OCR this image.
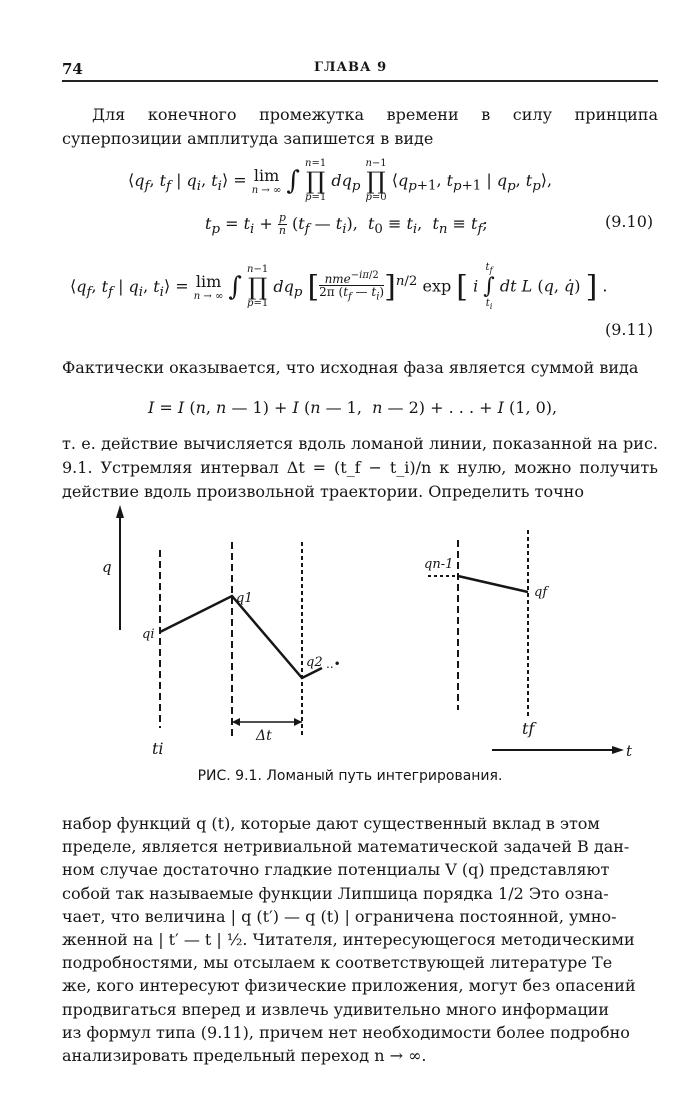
74	ГЛАВА 9
Для конечного промежутка времени в силу принципа суперпозиции амплитуда запишется в виде
$⟨q_f$, $t_f$ | $q_i$, $t_i⟩ = \lim$
n → ∞ ∫
n=1
∏
p=1
$dq_p$
n−1
∏
p=0
$⟨q_{p+1}$, $t_{p+1}$ | $q_p$, $t_p⟩$,
$t_p = t_i + \frac{p}{n} (t_f$ — $t_i$),  $t_0 \equiv t_i$,  $t_n \equiv t_f$;	(9.10)
$⟨q_f$, $t_f$ | $q_i$, $t_i⟩ = \lim$
n → ∞ ∫
n−1
∏
p=1
$dq_p$ [ $\frac{nme^{-i\pi/2}}{2\pi (t_f — t_i)} ]^{n/2}$ exp [ i
$t_f$
∫
$t_i$
dt L (q, q̇) ] .
(9.11)
Фактически оказывается, что исходная фаза является суммой вида
I = I (n, n — 1) + I (n — 1,  n — 2) + . . . + I (1, 0),
т. е. действие вычисляется вдоль ломаной линии, показанной на рис. 9.1. Устремляя интервал Δt = (t_f − t_i)/n к нулю, можно получить действие вдоль произвольной траектории. Определить точно
q
..•
qi
q1
q2
Δt
ti
qn-1
qf
tf
t
РИС. 9.1. Ломаный путь интегрирования.
набор функций q (t), которые дают существенный вклад в этом
пределе, является нетривиальной математической задачей В дан-
ном случае достаточно гладкие потенциалы V (q) представляют
собой так называемые функции Липшица порядка 1/2 Это озна-
чает, что величина | q (t′) — q (t) | ограничена постоянной, умно-
женной на | t′ — t | ½. Читателя, интересующегося методическими
подробностями, мы отсылаем к соответствующей литературе Те
же, кого интересуют физические приложения, могут без опасений
продвигаться вперед и извлечь удивительно много информации
из формул типа (9.11), причем нет необходимости более подробно
анализировать предельный переход n → ∞.
